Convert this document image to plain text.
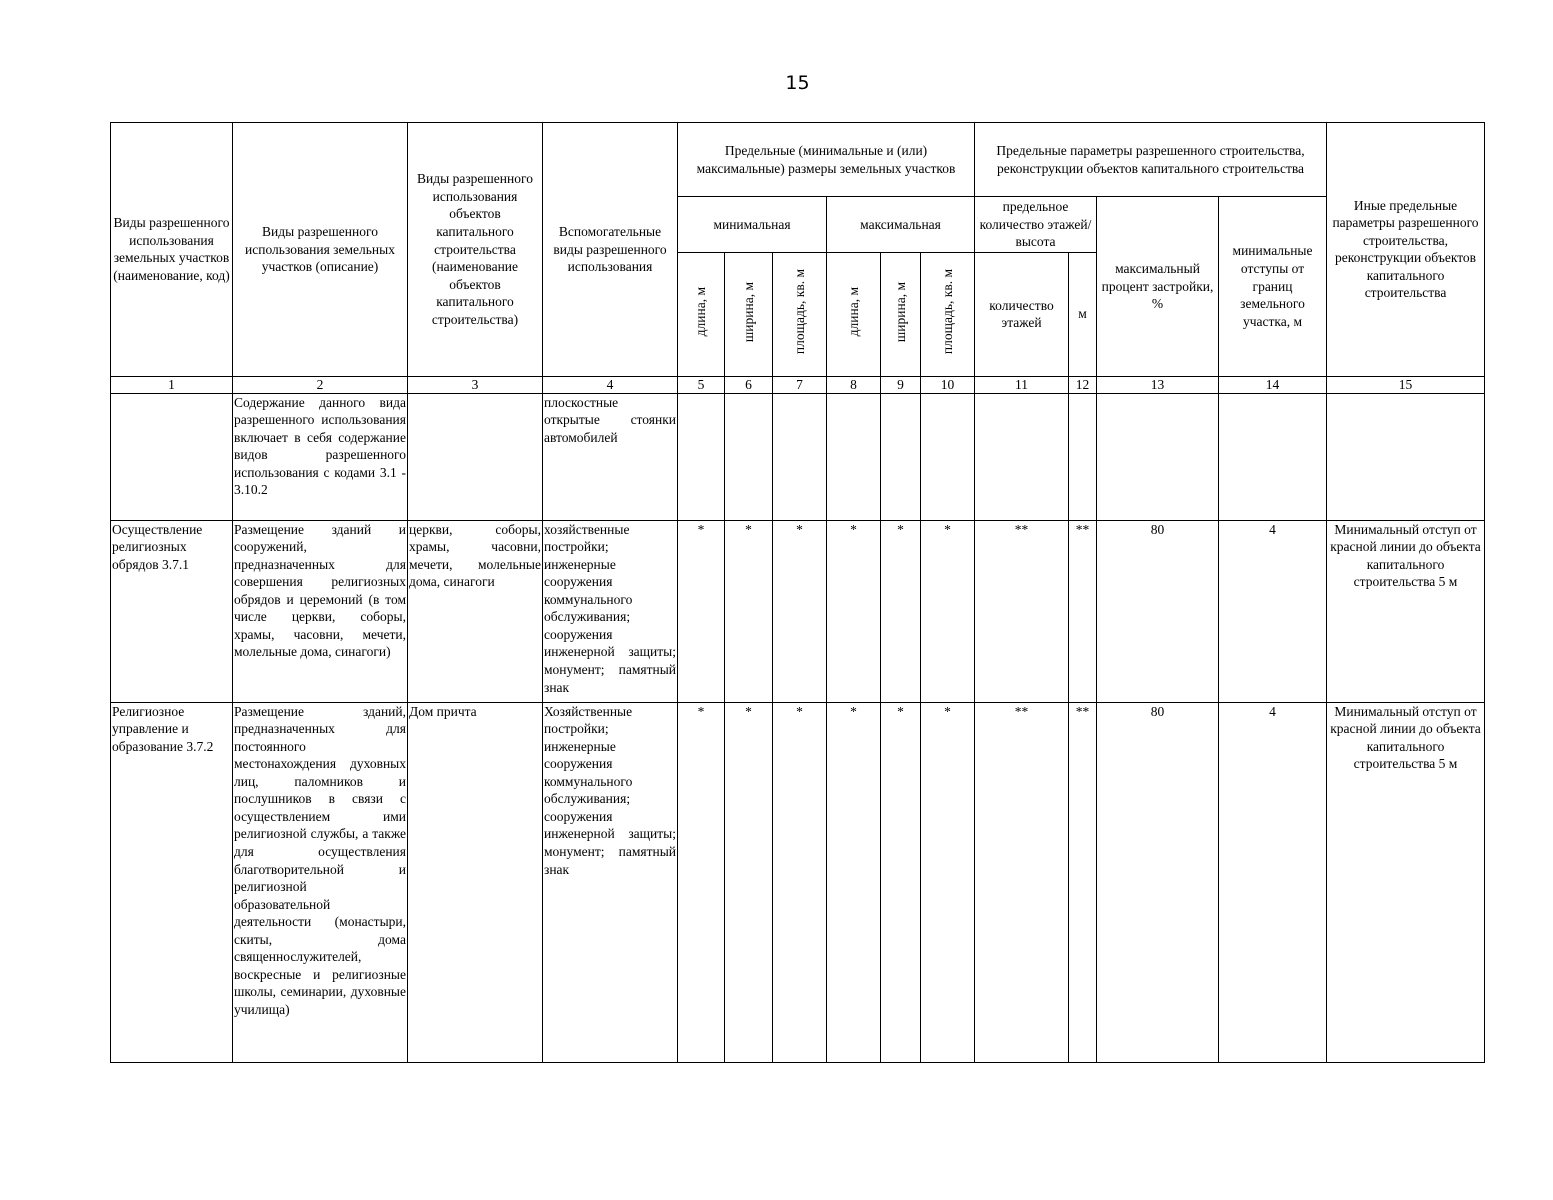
15
Виды разрешенного использования земельных участков (наименование, код)	Виды разрешенного использования земельных участков (описание)	Виды разрешенного использования объектов капитального строительства (наименование объектов капитального строительства)	Вспомогательные виды разрешенного использования	Предельные (минимальные и (или) максимальные) размеры земельных участков						Предельные параметры разрешенного строительства, реконструкции объектов капитального строительства				Иные предельные параметры разрешенного строительства, реконструкции объектов капитального строительства
				минимальная			максимальная			предельное количество этажей/высота		максимальный процент застройки, %	минимальные отступы от границ земельного участка, м	
				длина, м	ширина, м	площадь, кв. м	длина, м	ширина, м	площадь, кв. м	количество этажей	м			

1	2	3	4	5	6	7	8	9	10	11	12	13	14	15
	Содержание данного вида разрешенного использования включает в себя содержание видов разрешенного использования с кодами 3.1 - 3.10.2		плоскостные открытые стоянки автомобилей											
Осуществление религиозных обрядов 3.7.1	Размещение зданий и сооружений, предназначенных для совершения религиозных обрядов и церемоний (в том числе церкви, соборы, храмы, часовни, мечети, молельные дома, синагоги)	церкви, соборы, храмы, часовни, мечети, молельные дома, синагоги	хозяйственные постройки; инженерные сооружения коммунального обслуживания; сооружения инженерной защиты; монумент; памятный знак	*	*	*	*	*	*	**	**	80	4	Минимальный отступ от красной линии до объекта капитального строительства 5 м
Религиозное управление и образование 3.7.2	Размещение зданий, предназначенных для постоянного местонахождения духовных лиц, паломников и послушников в связи с осуществлением ими религиозной службы, а также для осуществления благотворительной и религиозной образовательной деятельности (монастыри, скиты, дома священнослужителей, воскресные и религиозные школы, семинарии, духовные училища)	Дом причта	Хозяйственные постройки; инженерные сооружения коммунального обслуживания; сооружения инженерной защиты; монумент; памятный знак	*	*	*	*	*	*	**	**	80	4	Минимальный отступ от красной линии до объекта капитального строительства 5 м
